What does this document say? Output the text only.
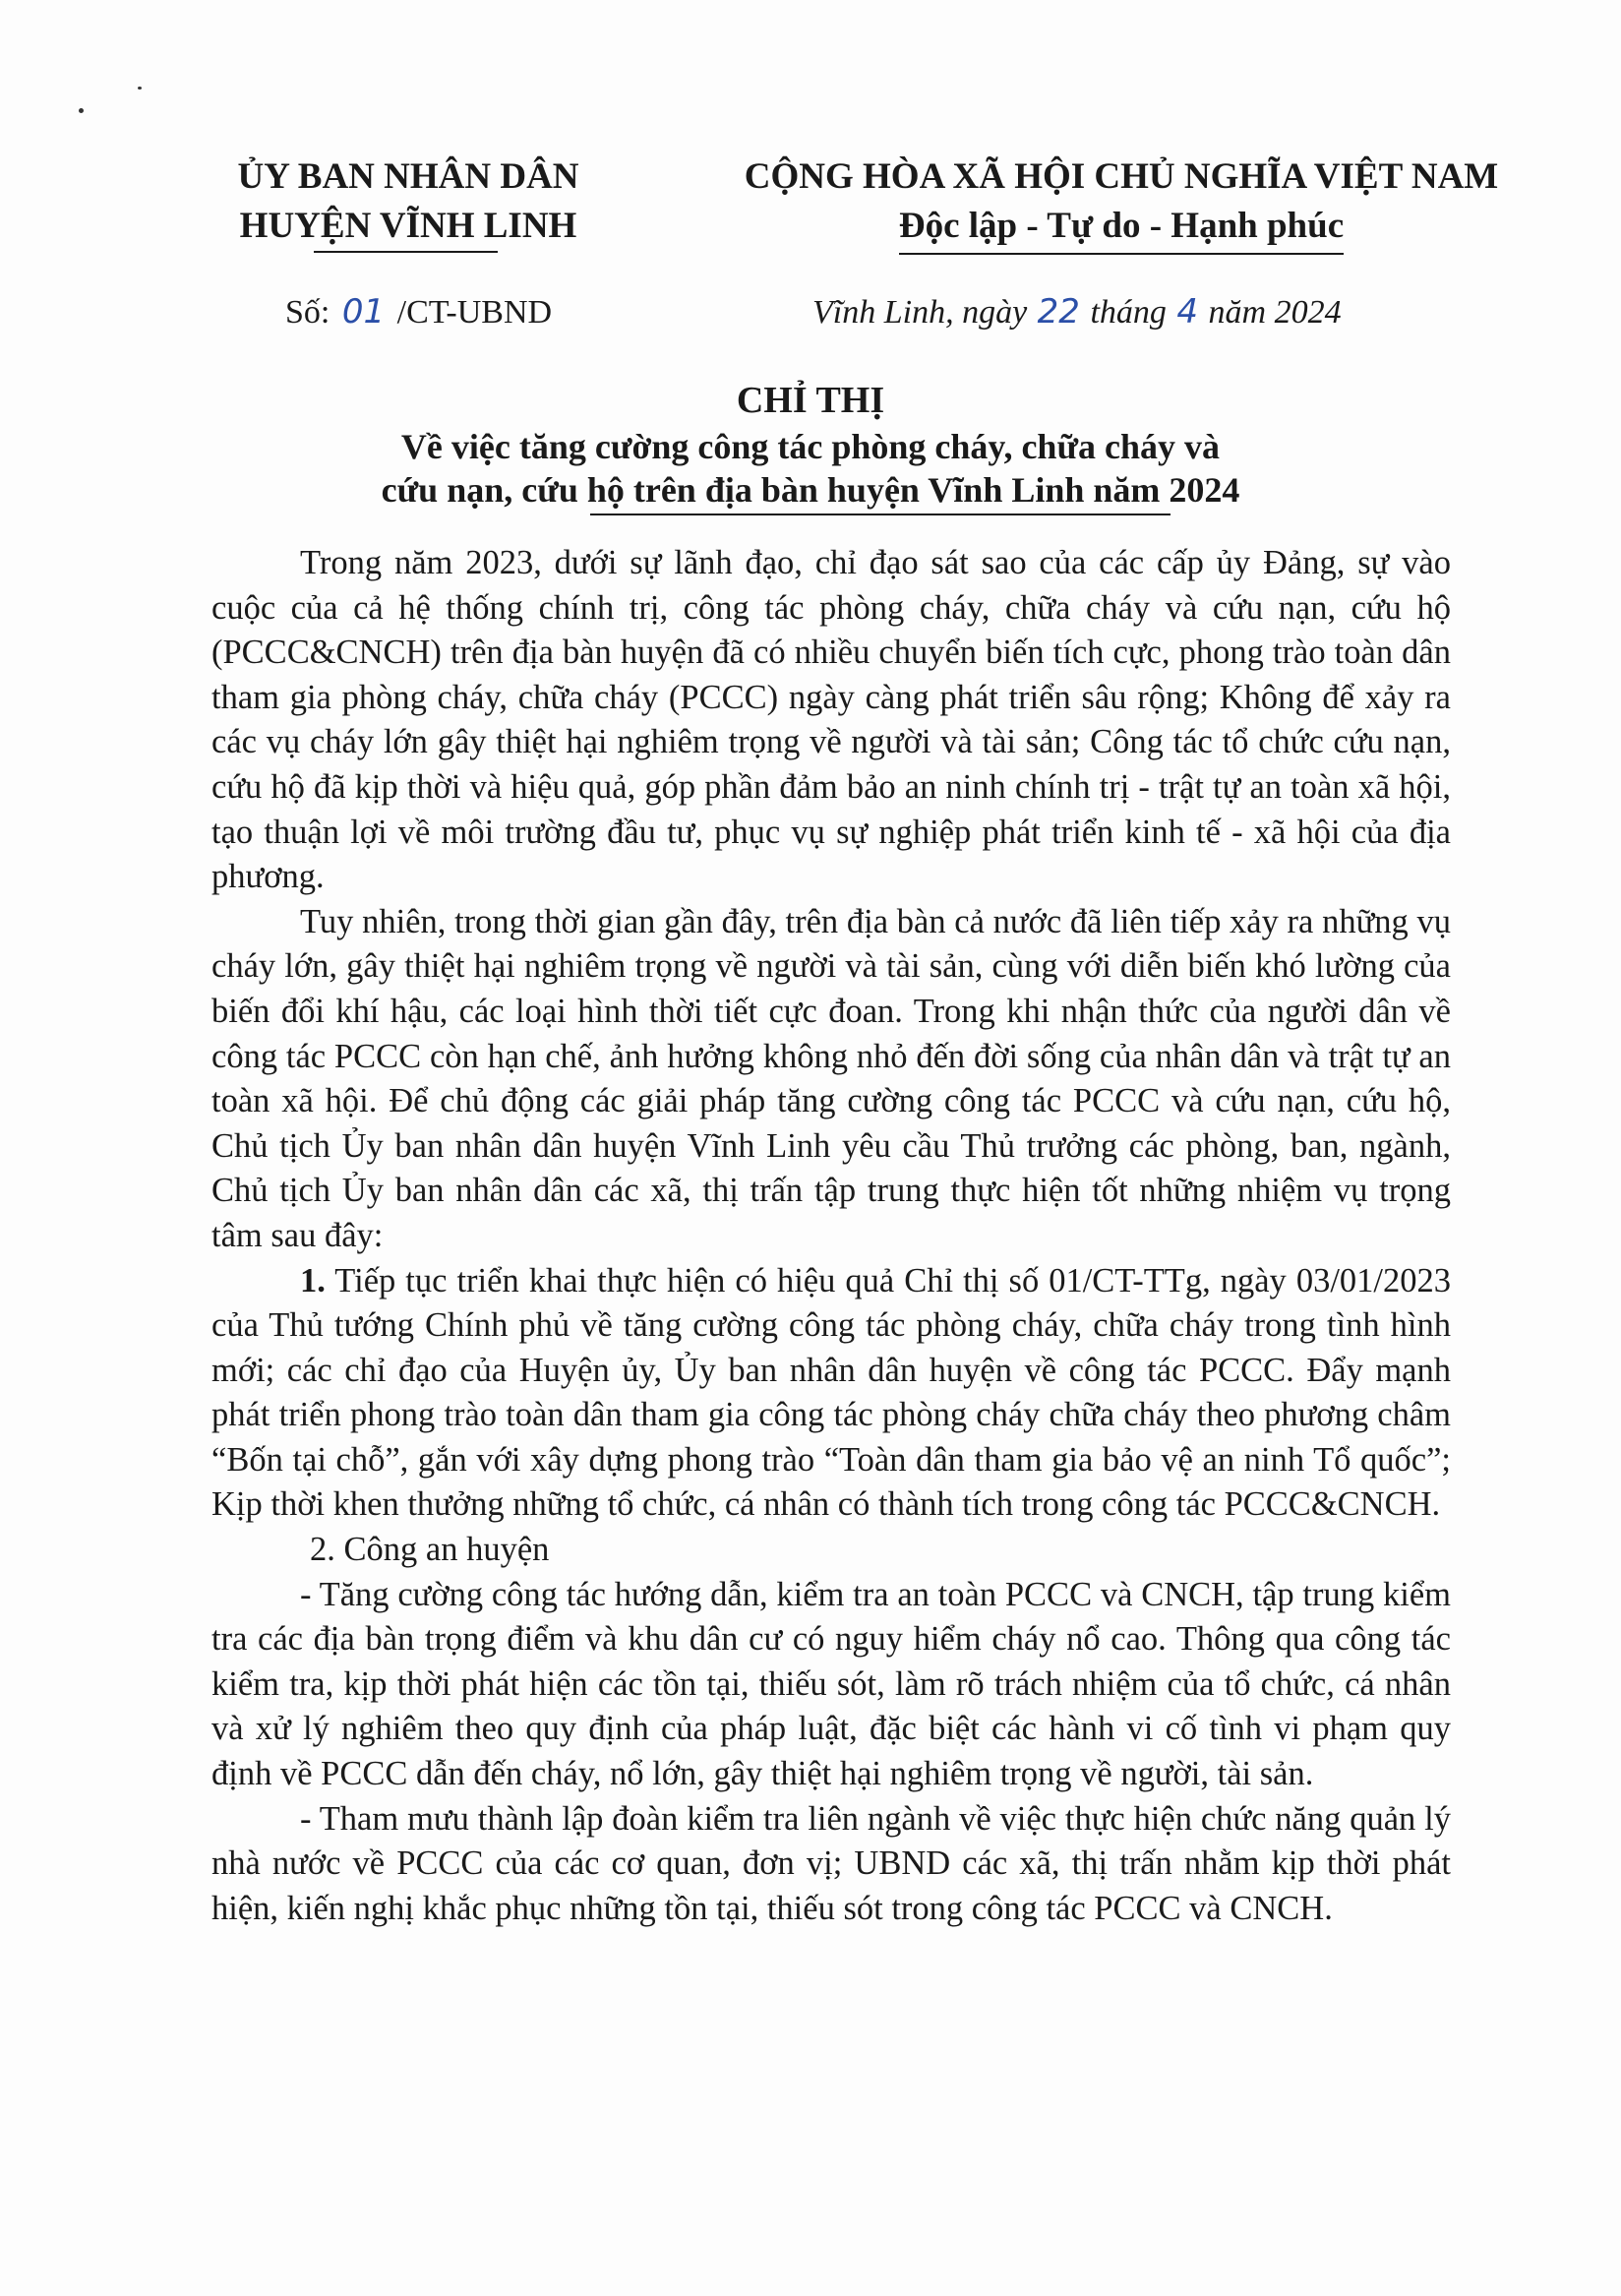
ỦY BAN NHÂN DÂN
HUYỆN VĨNH LINH
CỘNG HÒA XÃ HỘI CHỦ NGHĨA VIỆT NAM
Độc lập - Tự do - Hạnh phúc
Số: 01 /CT-UBND	Vĩnh Linh, ngày 22 tháng 4 năm 2024
CHỈ THỊ
Về việc tăng cường công tác phòng cháy, chữa cháy và
cứu nạn, cứu hộ trên địa bàn huyện Vĩnh Linh năm 2024

Trong năm 2023, dưới sự lãnh đạo, chỉ đạo sát sao của các cấp ủy Đảng, sự vào cuộc của cả hệ thống chính trị, công tác phòng cháy, chữa cháy và cứu nạn, cứu hộ (PCCC&CNCH) trên địa bàn huyện đã có nhiều chuyển biến tích cực, phong trào toàn dân tham gia phòng cháy, chữa cháy (PCCC) ngày càng phát triển sâu rộng; Không để xảy ra các vụ cháy lớn gây thiệt hại nghiêm trọng về người và tài sản; Công tác tổ chức cứu nạn, cứu hộ đã kịp thời và hiệu quả, góp phần đảm bảo an ninh chính trị - trật tự an toàn xã hội, tạo thuận lợi về môi trường đầu tư, phục vụ sự nghiệp phát triển kinh tế - xã hội của địa phương.

Tuy nhiên, trong thời gian gần đây, trên địa bàn cả nước đã liên tiếp xảy ra những vụ cháy lớn, gây thiệt hại nghiêm trọng về người và tài sản, cùng với diễn biến khó lường của biến đổi khí hậu, các loại hình thời tiết cực đoan. Trong khi nhận thức của người dân về công tác PCCC còn hạn chế, ảnh hưởng không nhỏ đến đời sống của nhân dân và trật tự an toàn xã hội. Để chủ động các giải pháp tăng cường công tác PCCC và cứu nạn, cứu hộ, Chủ tịch Ủy ban nhân dân huyện Vĩnh Linh yêu cầu Thủ trưởng các phòng, ban, ngành, Chủ tịch Ủy ban nhân dân các xã, thị trấn tập trung thực hiện tốt những nhiệm vụ trọng tâm sau đây:

1. Tiếp tục triển khai thực hiện có hiệu quả Chỉ thị số 01/CT-TTg, ngày 03/01/2023 của Thủ tướng Chính phủ về tăng cường công tác phòng cháy, chữa cháy trong tình hình mới; các chỉ đạo của Huyện ủy, Ủy ban nhân dân huyện về công tác PCCC. Đẩy mạnh phát triển phong trào toàn dân tham gia công tác phòng cháy chữa cháy theo phương châm “Bốn tại chỗ”, gắn với xây dựng phong trào “Toàn dân tham gia bảo vệ an ninh Tổ quốc”; Kịp thời khen thưởng những tổ chức, cá nhân có thành tích trong công tác PCCC&CNCH.

2. Công an huyện

- Tăng cường công tác hướng dẫn, kiểm tra an toàn PCCC và CNCH, tập trung kiểm tra các địa bàn trọng điểm và khu dân cư có nguy hiểm cháy nổ cao. Thông qua công tác kiểm tra, kịp thời phát hiện các tồn tại, thiếu sót, làm rõ trách nhiệm của tổ chức, cá nhân và xử lý nghiêm theo quy định của pháp luật, đặc biệt các hành vi cố tình vi phạm quy định về PCCC dẫn đến cháy, nổ lớn, gây thiệt hại nghiêm trọng về người, tài sản.

- Tham mưu thành lập đoàn kiểm tra liên ngành về việc thực hiện chức năng quản lý nhà nước về PCCC của các cơ quan, đơn vị; UBND các xã, thị trấn nhằm kịp thời phát hiện, kiến nghị khắc phục những tồn tại, thiếu sót trong công tác PCCC và CNCH.
